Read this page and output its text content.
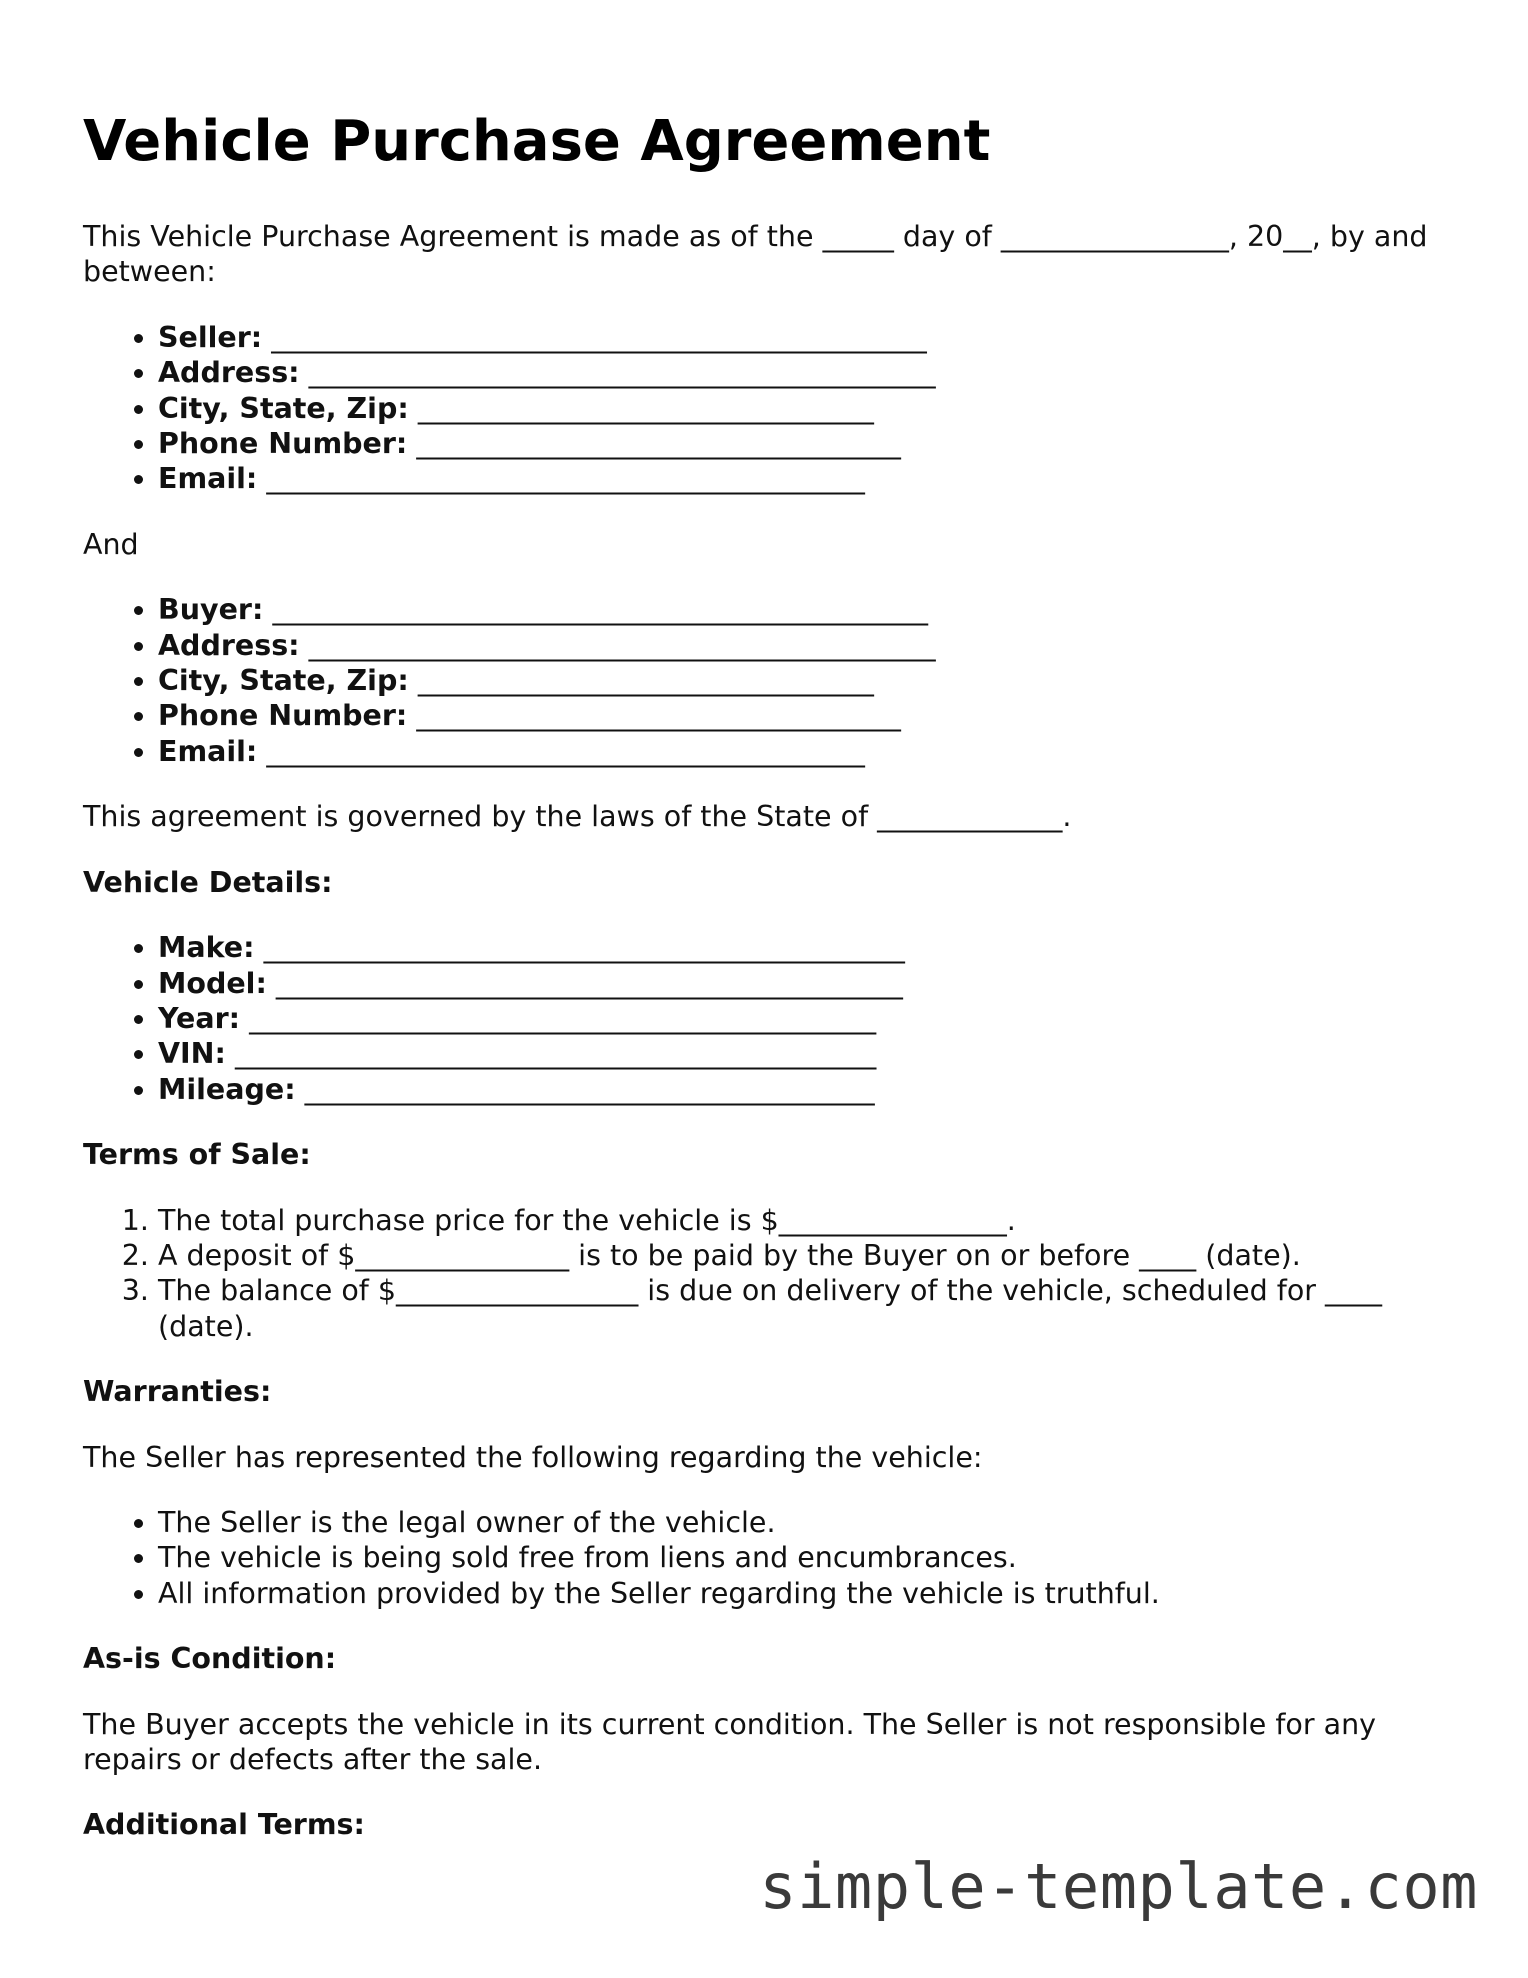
Vehicle Purchase Agreement

This Vehicle Purchase Agreement is made as of the _____ day of ________________, 20__, by and between:

• Seller: ______________________________________________
• Address: ____________________________________________
• City, State, Zip: ________________________________
• Phone Number: __________________________________
• Email: __________________________________________

And

• Buyer: ______________________________________________
• Address: ____________________________________________
• City, State, Zip: ________________________________
• Phone Number: __________________________________
• Email: __________________________________________

This agreement is governed by the laws of the State of _____________.

Vehicle Details:

• Make: _____________________________________________
• Model: ____________________________________________
• Year: ____________________________________________
• VIN: _____________________________________________
• Mileage: ________________________________________

Terms of Sale:

1. The total purchase price for the vehicle is $________________.
2. A deposit of $_______________ is to be paid by the Buyer on or before ____ (date).
3. The balance of $_________________ is due on delivery of the vehicle, scheduled for ____ (date).

Warranties:

The Seller has represented the following regarding the vehicle:

• The Seller is the legal owner of the vehicle.
• The vehicle is being sold free from liens and encumbrances.
• All information provided by the Seller regarding the vehicle is truthful.

As-is Condition:

The Buyer accepts the vehicle in its current condition. The Seller is not responsible for any repairs or defects after the sale.

Additional Terms:

simple-template.com
